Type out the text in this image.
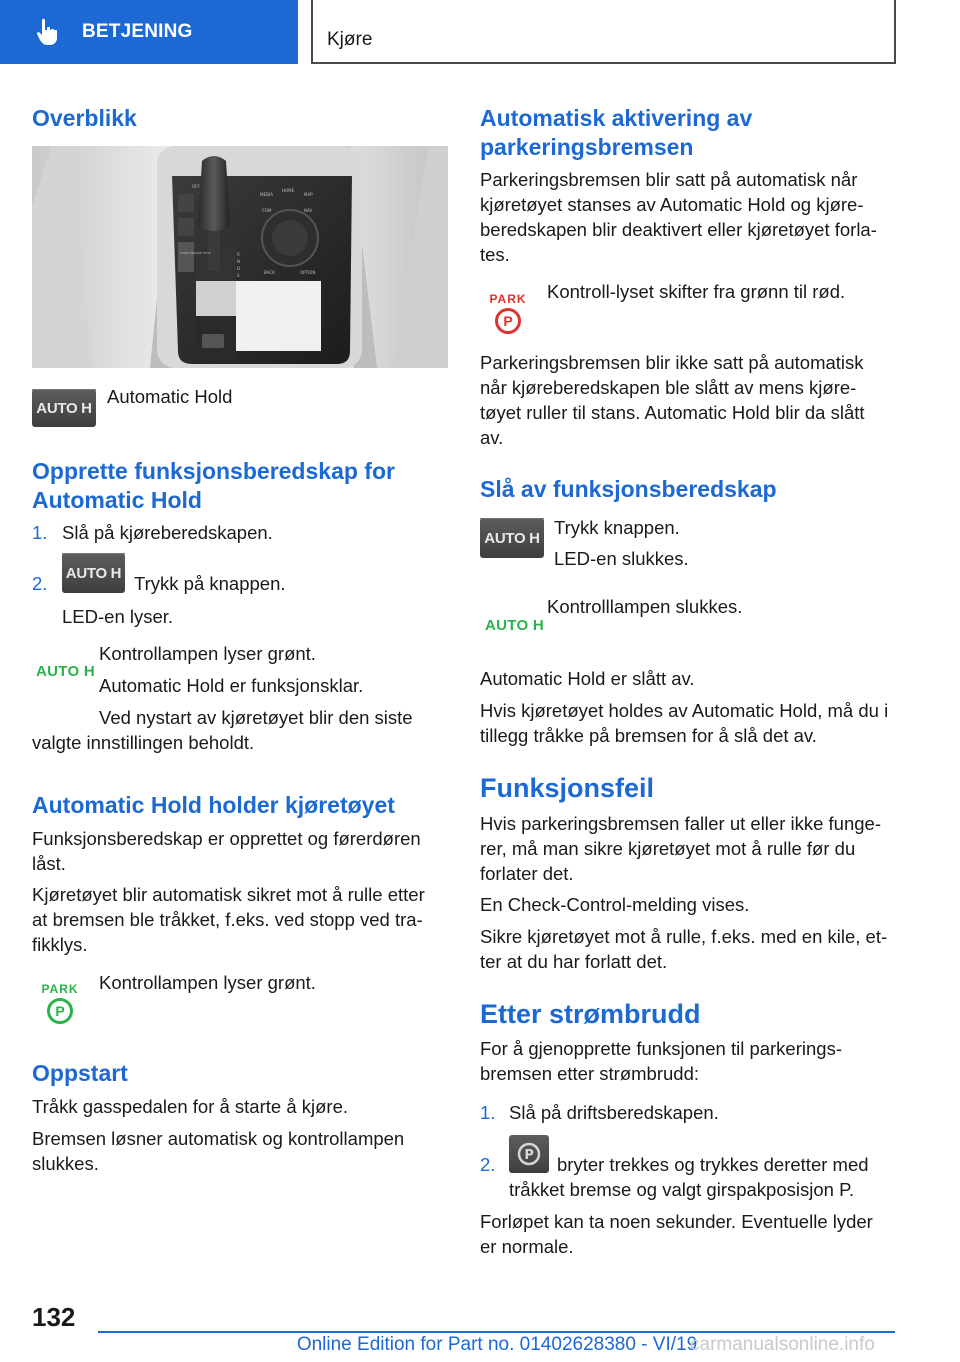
BETJENING	Kjøre
Overblikk
OFF
MEDIA
HOME
MAP
COM	NAV
BACK	OPTION
START ENGINE STOP	R
N
D
S
AUTO H
Automatic Hold
Opprette funksjonsberedskap for Automatic Hold
1. Slå på kjøreberedskapen.
2. AUTO H Trykk på knappen.
LED-en lyser.
AUTO H
Kontrollampen lyser grønt.
Automatic Hold er funksjonsklar.
Ved nystart av kjøretøyet blir den siste
valgte innstillingen beholdt.
Automatic Hold holder kjøretøyet
Funksjonsberedskap er opprettet og førerdøren låst.
Kjøretøyet blir automatisk sikret mot å rulle etter at bremsen ble tråkket, f.eks. ved stopp ved tra-fikklys.
PARK
P
Kontrollampen lyser grønt.
Oppstart
Tråkk gasspedalen for å starte å kjøre.
Bremsen løsner automatisk og kontrollampen slukkes.
Automatisk aktivering av parkeringsbremsen
Parkeringsbremsen blir satt på automatisk når kjøretøyet stanses av Automatic Hold og kjøre-beredskapen blir deaktivert eller kjøretøyet forla-tes.
PARK
P
Kontroll-lyset skifter fra grønn til rød.
Parkeringsbremsen blir ikke satt på automatisk når kjøreberedskapen ble slått av mens kjøre-tøyet ruller til stans. Automatic Hold blir da slått av.
Slå av funksjonsberedskap
AUTO H
Trykk knappen.
LED-en slukkes.
AUTO H
Kontrolllampen slukkes.
Automatic Hold er slått av.
Hvis kjøretøyet holdes av Automatic Hold, må du i tillegg tråkke på bremsen for å slå det av.
Funksjonsfeil
Hvis parkeringsbremsen faller ut eller ikke funge-rer, må man sikre kjøretøyet mot å rulle før du forlater det.
En Check-Control-melding vises.
Sikre kjøretøyet mot å rulle, f.eks. med en kile, et-ter at du har forlatt det.
Etter strømbrudd
For å gjenopprette funksjonen til parkerings-bremsen etter strømbrudd:
1. Slå på driftsberedskapen.
2. P	bryter trekkes og trykkes deretter med tråkket bremse og valgt girspakposisjon P.
Forløpet kan ta noen sekunder. Eventuelle lyder er normale.
132
Online Edition for Part no. 01402628380 - VI/19
carmanualsonline.info
